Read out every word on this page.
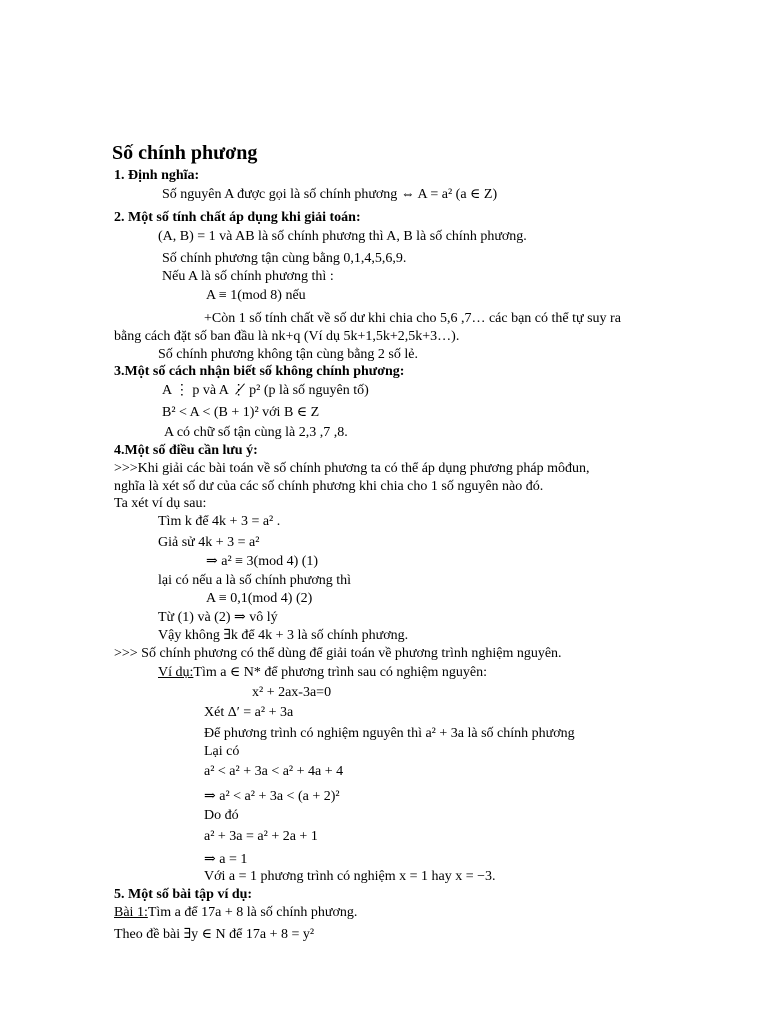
Số chính phương
1. Định nghĩa:
Số nguyên A được gọi là số chính phương ⇔ A = a² (a ∈ Z)
2. Một số tính chất áp dụng khi giải toán:
(A, B) = 1 và AB là số chính phương thì A, B là số chính phương.
Số chính phương tận cùng bằng 0,1,4,5,6,9.
Nếu A là số chính phương thì :
A ≡ 1(mod 8) nếu
+Còn 1 số tính chất về số dư khi chia cho 5,6 ,7… các bạn có thể tự suy ra
bằng cách đặt số ban đầu là nk+q (Ví dụ 5k+1,5k+2,5k+3…).
Số chính phương không tận cùng bằng 2 số lẻ.
3.Một số cách nhận biết số không chính phương:
A ⋮ p và A ⋮̸ p² (p là số nguyên tố)
B² < A < (B + 1)² với B ∈ Z
A có chữ số tận cùng là 2,3 ,7 ,8.
4.Một số điều cần lưu ý:
>>>Khi giải các bài toán về số chính phương ta có thể áp dụng phương pháp môđun,
nghĩa là xét số dư của các số chính phương khi chia cho 1 số nguyên nào đó.
Ta xét ví dụ sau:
Tìm k để 4k + 3 = a² .
Giả sử 4k + 3 = a²
⇒ a² ≡ 3(mod 4) (1)
lại có nếu a là số chính phương thì
A ≡ 0,1(mod 4) (2)
Từ (1) và (2) ⇒ vô lý
Vậy không ∃k để 4k + 3 là số chính phương.
>>> Số chính phương có thể dùng để giải toán về phương trình nghiệm nguyên.
Ví dụ:Tìm a ∈ N* để phương trình sau có nghiệm nguyên:
x² + 2ax-3a=0
Xét Δ′ = a² + 3a
Để phương trình có nghiệm nguyên thì a² + 3a là số chính phương
Lại có
a² < a² + 3a < a² + 4a + 4
⇒ a² < a² + 3a < (a + 2)²
Do đó
a² + 3a = a² + 2a + 1
⇒ a = 1
Với a = 1 phương trình có nghiệm x = 1 hay x = −3.
5. Một số bài tập ví dụ:
Bài 1:Tìm a để 17a + 8 là số chính phương.
Theo đề bài ∃y ∈ N để 17a + 8 = y²
